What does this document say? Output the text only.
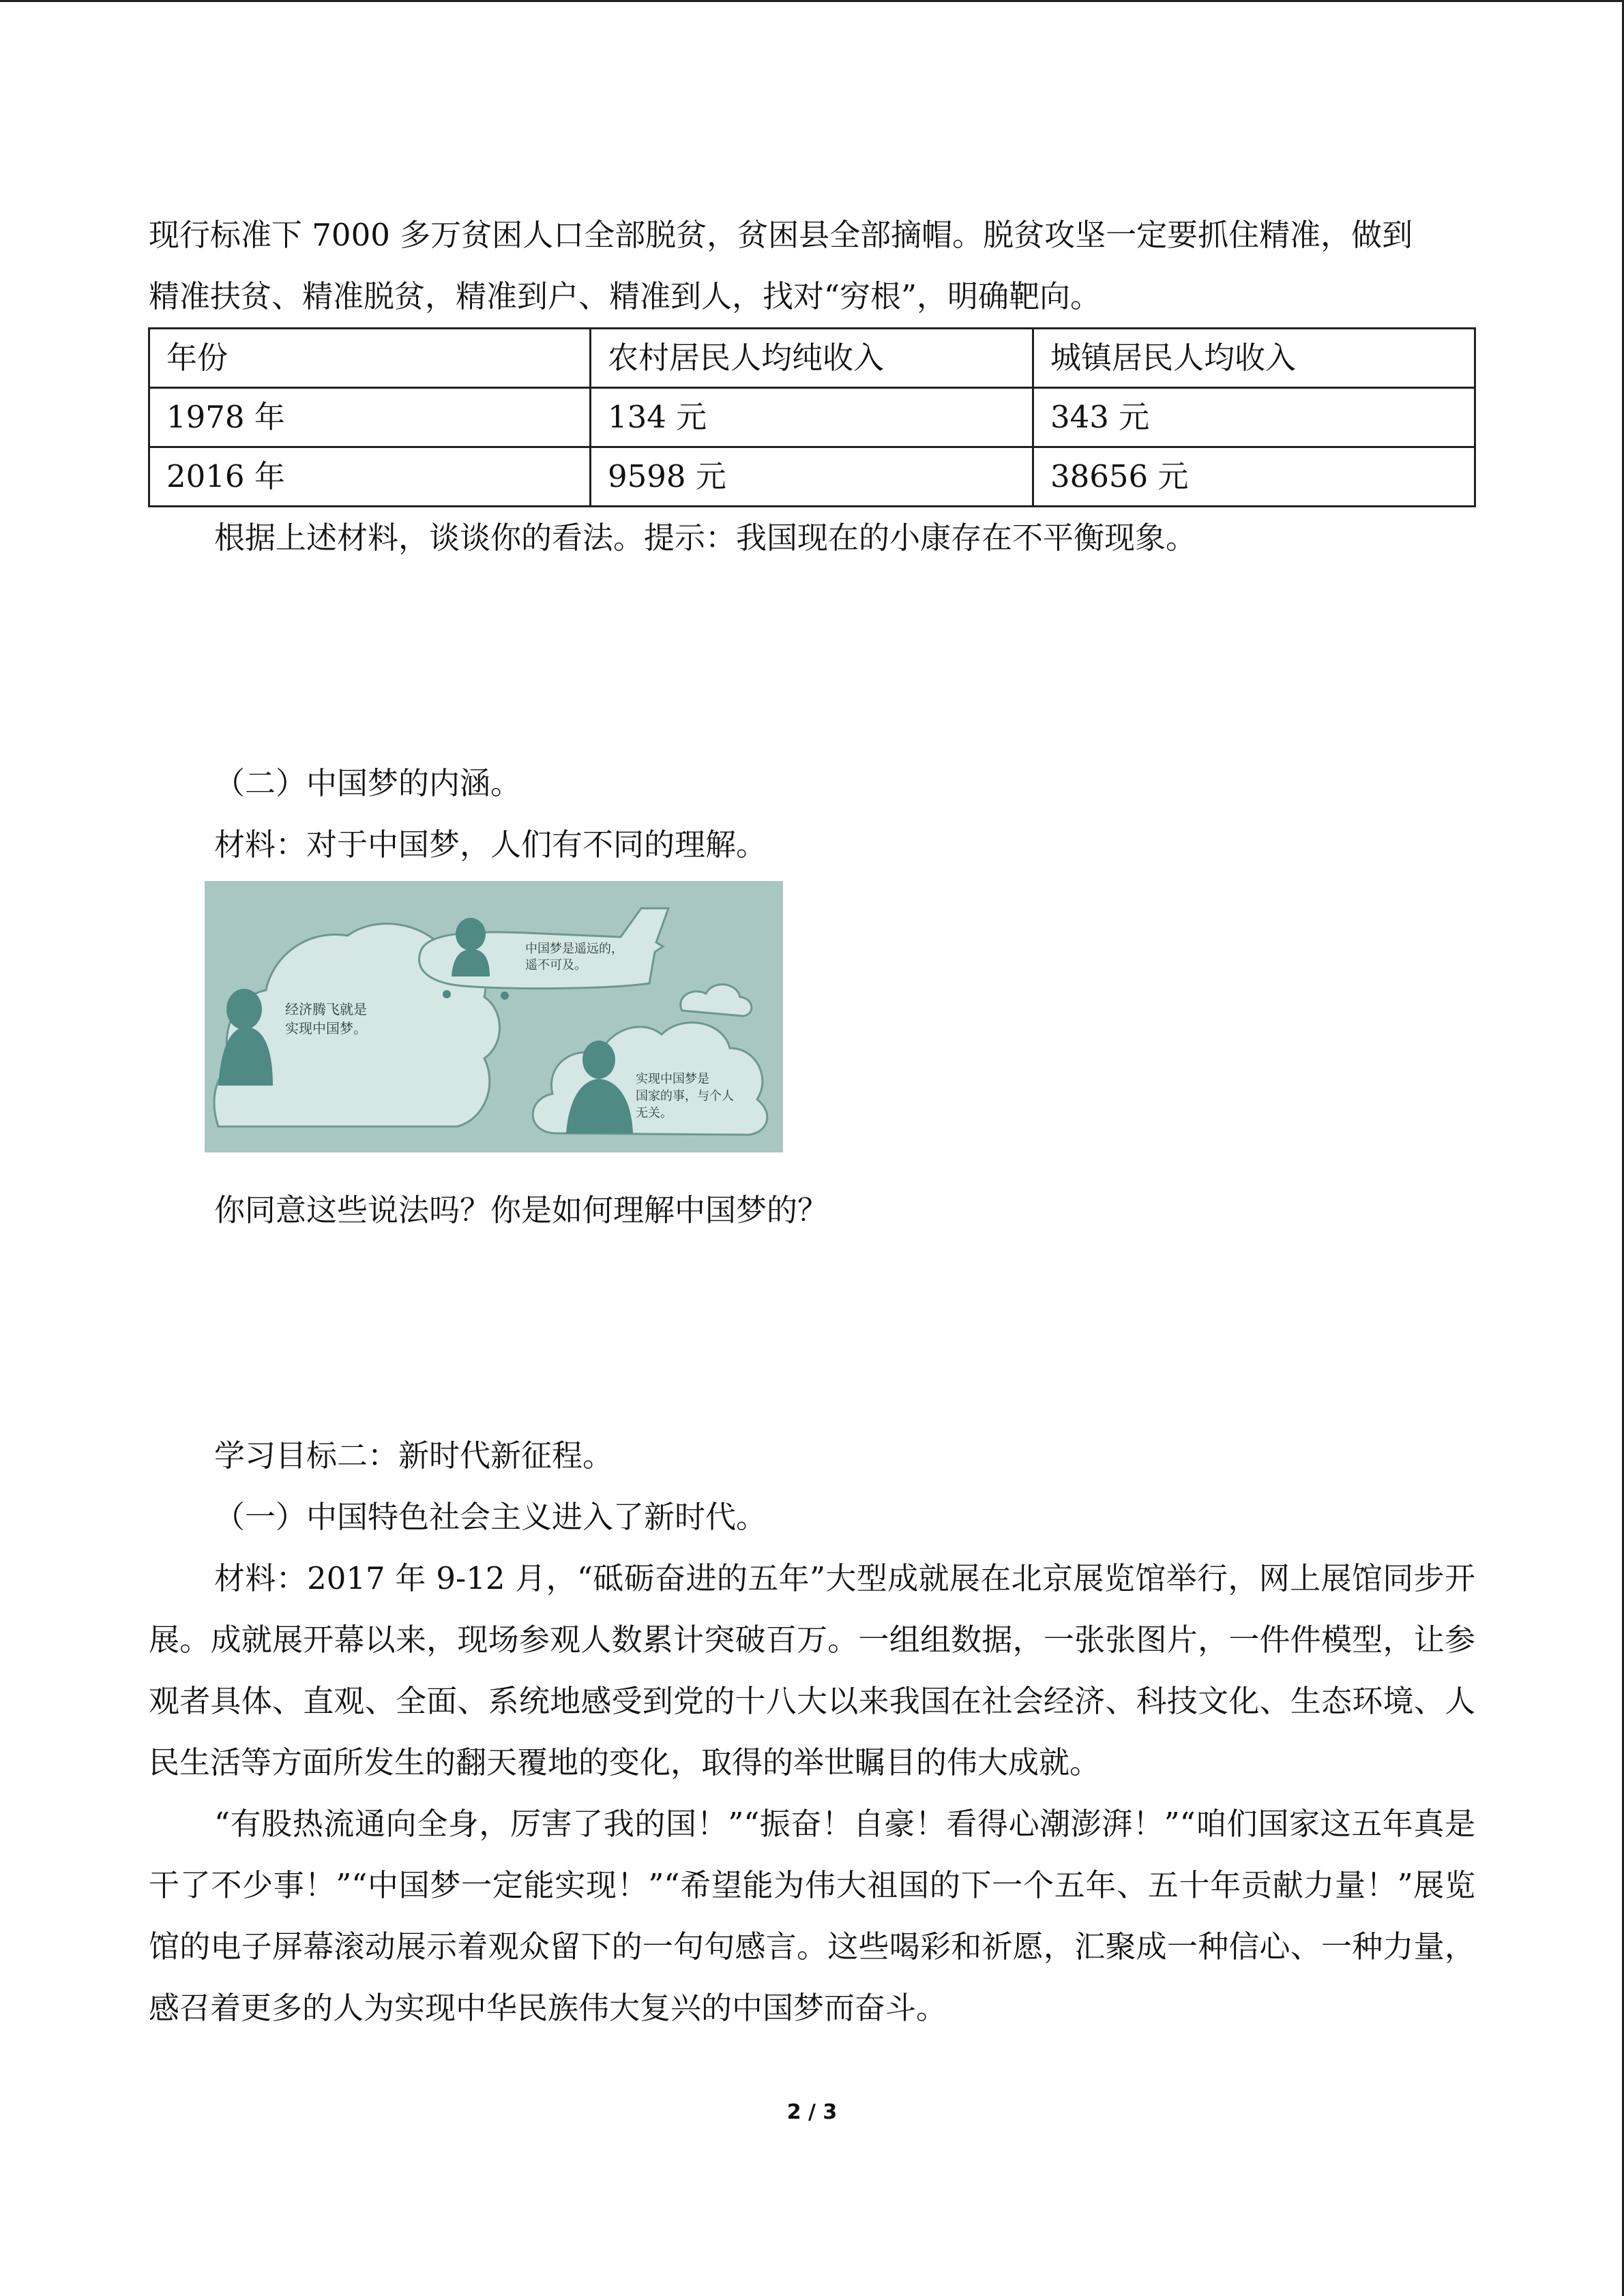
现行标准下 7000 多万贫困人口全部脱贫，贫困县全部摘帽。脱贫攻坚一定要抓住精准，做到

精准扶贫、精准脱贫，精准到户、精准到人，找对“穷根”，明确靶向。

年份	农村居民人均纯收入	城镇居民人均收入
1978 年	134 元	343 元
2016 年	9598 元	38656 元

根据上述材料，谈谈你的看法。提示：我国现在的小康存在不平衡现象。

（二）中国梦的内涵。

材料：对于中国梦，人们有不同的理解。

经济腾飞就是
实现中国梦。
中国梦是遥远的，
遥不可及。
实现中国梦是
国家的事，与个人
无关。

你同意这些说法吗？你是如何理解中国梦的？

学习目标二：新时代新征程。

（一）中国特色社会主义进入了新时代。

材料：2017 年 9-12 月，“砥砺奋进的五年”大型成就展在北京展览馆举行，网上展馆同步开展。成就展开幕以来，现场参观人数累计突破百万。一组组数据，一张张图片，一件件模型，让参观者具体、直观、全面、系统地感受到党的十八大以来我国在社会经济、科技文化、生态环境、人民生活等方面所发生的翻天覆地的变化，取得的举世瞩目的伟大成就。

“有股热流通向全身，厉害了我的国！”“振奋！自豪！看得心潮澎湃！”“咱们国家这五年真是干了不少事！”“中国梦一定能实现！”“希望能为伟大祖国的下一个五年、五十年贡献力量！”展览馆的电子屏幕滚动展示着观众留下的一句句感言。这些喝彩和祈愿，汇聚成一种信心、一种力量，感召着更多的人为实现中华民族伟大复兴的中国梦而奋斗。

2 / 3
